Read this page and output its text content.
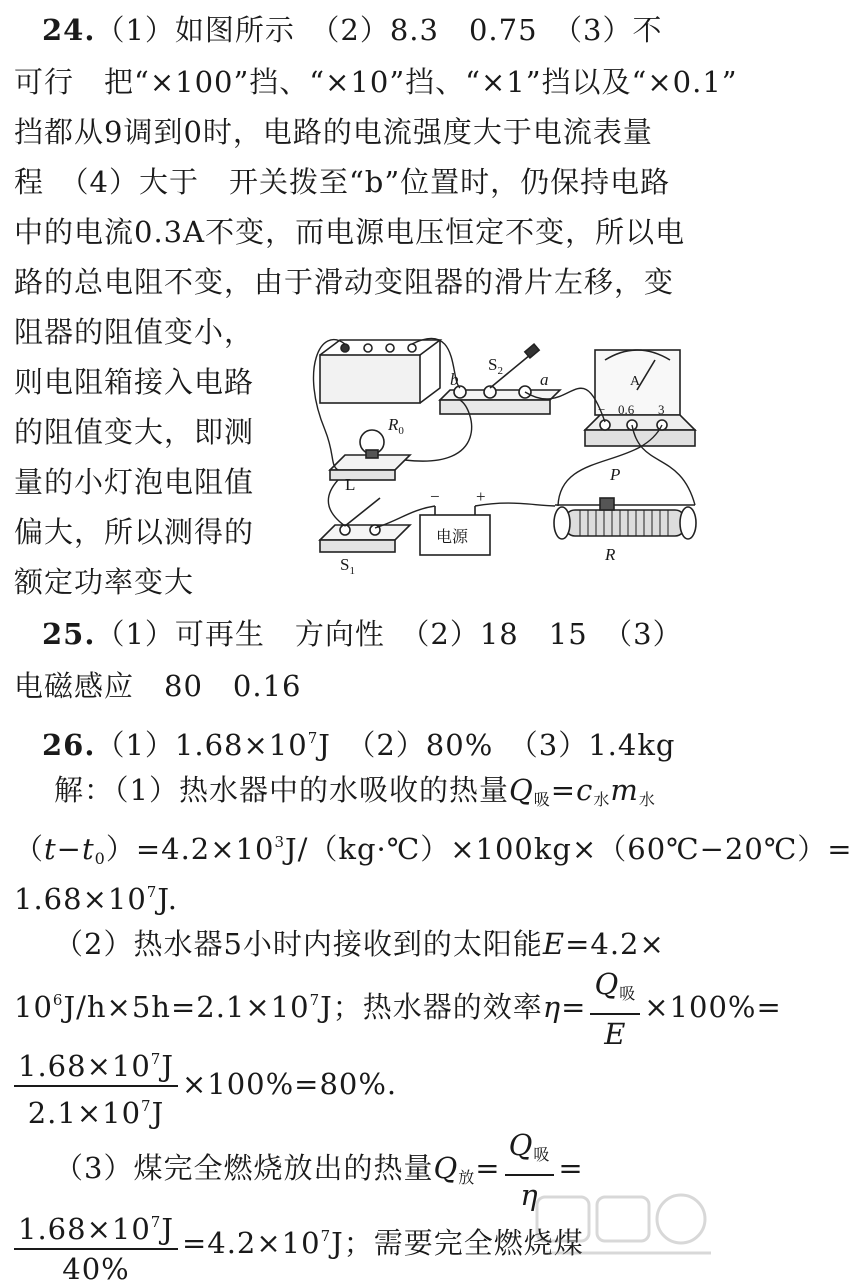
24.（1）如图所示　（2）8.3　0.75　（3）不
可行　把“×100”挡、“×10”挡、“×1”挡以及“×0.1”
挡都从9调到0时，电路的电流强度大于电流表量
程　（4）大于　开关拨至“b”位置时，仍保持电路
中的电流0.3A不变，而电源电压恒定不变，所以电
路的总电阻不变，由于滑动变阻器的滑片左移，变
阻器的阻值变小，
则电阻箱接入电路
的阻值变大，即测
量的小灯泡电阻值
偏大，所以测得的
额定功率变大
$R_0$
$S_2$
b	a
L
$S_1$
− +
电源
P
R
A
− 0.6 3
25.（1）可再生　方向性　（2）18　15　（3）
电磁感应　80　0.16
$26.(1)1.68\times 10^7J$　（2）80%　（3）1.4kg
解：（1）热水器中的水吸收的热量$Q_吸=c_水m_水$
$(t-t_0)=4.2\times 10^3J/(kg\cdot℃)\times 100kg\times(60℃-20℃)=$
$1.68\times 10^7J$.
（2）热水器5小时内接收到的太阳能E=4.2×
$10^6J/h\times 5h=2.1\times 10^7J$；热水器的效率$\eta= \frac{Q_吸}{E} \times 100\%=$
$\frac{1.68\times 10^7J}{2.1\times 10^7J} \times 100\%=80\%$.
（3）煤完全燃烧放出的热量$Q_放= \frac{Q_吸}{\eta}$ =
$\frac{1.68\times 10^7J}{40\%} =4.2\times 10^7J$；需要完全燃烧煤
